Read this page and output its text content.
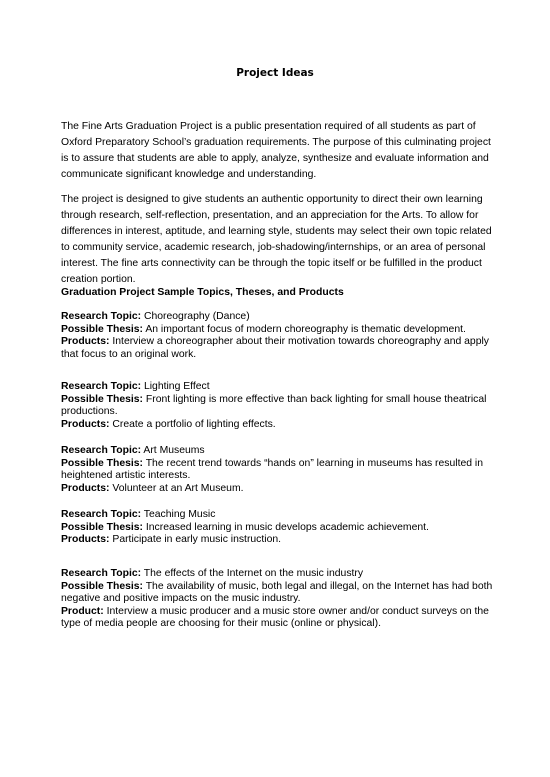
Project Ideas

The Fine Arts Graduation Project is a public presentation required of all students as part of Oxford Preparatory School’s graduation requirements. The purpose of this culminating project is to assure that students are able to apply, analyze, synthesize and evaluate information and communicate significant knowledge and understanding.

The project is designed to give students an authentic opportunity to direct their own learning through research, self-reflection, presentation, and an appreciation for the Arts. To allow for differences in interest, aptitude, and learning style, students may select their own topic related to community service, academic research, job-shadowing/internships, or an area of personal interest. The fine arts connectivity can be through the topic itself or be fulfilled in the product creation portion.

Graduation Project Sample Topics, Theses, and Products
Research Topic: Choreography (Dance)
Possible Thesis: An important focus of modern choreography is thematic development.
Products: Interview a choreographer about their motivation towards choreography and apply that focus to an original work.
Research Topic: Lighting Effect
Possible Thesis: Front lighting is more effective than back lighting for small house theatrical productions.
Products: Create a portfolio of lighting effects.
Research Topic: Art Museums
Possible Thesis: The recent trend towards “hands on” learning in museums has resulted in heightened artistic interests.
Products: Volunteer at an Art Museum.
Research Topic: Teaching Music
Possible Thesis: Increased learning in music develops academic achievement.
Products: Participate in early music instruction.
Research Topic: The effects of the Internet on the music industry
Possible Thesis: The availability of music, both legal and illegal, on the Internet has had both negative and positive impacts on the music industry.
Product: Interview a music producer and a music store owner and/or conduct surveys on the type of media people are choosing for their music (online or physical).
